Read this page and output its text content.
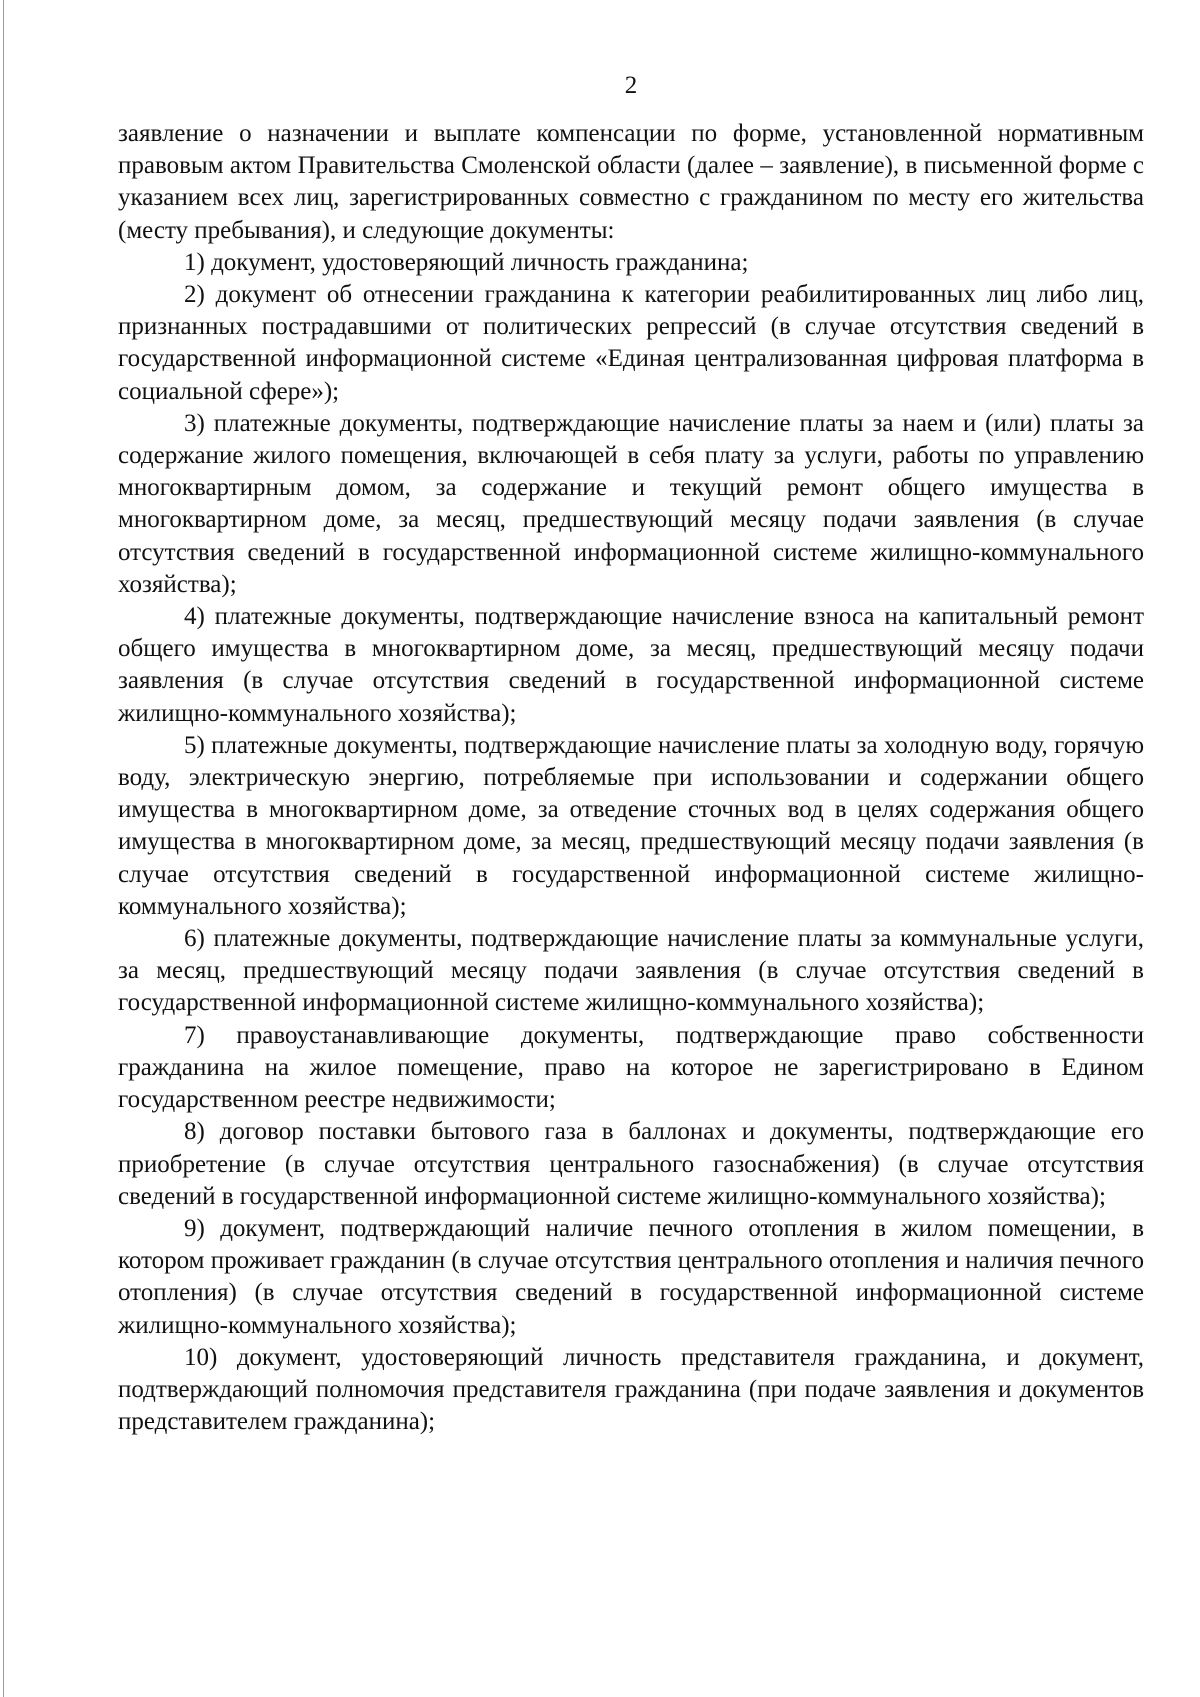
2

заявление о назначении и выплате компенсации по форме, установленной нормативным правовым актом Правительства Смоленской области (далее – заявление), в письменной форме с указанием всех лиц, зарегистрированных совместно с гражданином по месту его жительства (месту пребывания), и следующие документы:

1) документ, удостоверяющий личность гражданина;

2) документ об отнесении гражданина к категории реабилитированных лиц либо лиц, признанных пострадавшими от политических репрессий (в случае отсутствия сведений в государственной информационной системе «Единая централизованная цифровая платформа в социальной сфере»);

3) платежные документы, подтверждающие начисление платы за наем и (или) платы за содержание жилого помещения, включающей в себя плату за услуги, работы по управлению многоквартирным домом, за содержание и текущий ремонт общего имущества в многоквартирном доме, за месяц, предшествующий месяцу подачи заявления (в случае отсутствия сведений в государственной информационной системе жилищно-коммунального хозяйства);

4) платежные документы, подтверждающие начисление взноса на капитальный ремонт общего имущества в многоквартирном доме, за месяц, предшествующий месяцу подачи заявления (в случае отсутствия сведений в государственной информационной системе жилищно-коммунального хозяйства);

5) платежные документы, подтверждающие начисление платы за холодную воду, горячую воду, электрическую энергию, потребляемые при использовании и содержании общего имущества в многоквартирном доме, за отведение сточных вод в целях содержания общего имущества в многоквартирном доме, за месяц, предшествующий месяцу подачи заявления (в случае отсутствия сведений в государственной информационной системе жилищно-коммунального хозяйства);

6) платежные документы, подтверждающие начисление платы за коммунальные услуги, за месяц, предшествующий месяцу подачи заявления (в случае отсутствия сведений в государственной информационной системе жилищно-коммунального хозяйства);

7) правоустанавливающие документы, подтверждающие право собственности гражданина на жилое помещение, право на которое не зарегистрировано в Едином государственном реестре недвижимости;

8) договор поставки бытового газа в баллонах и документы, подтверждающие его приобретение (в случае отсутствия центрального газоснабжения) (в случае отсутствия сведений в государственной информационной системе жилищно-коммунального хозяйства);

9) документ, подтверждающий наличие печного отопления в жилом помещении, в котором проживает гражданин (в случае отсутствия центрального отопления и наличия печного отопления) (в случае отсутствия сведений в государственной информационной системе жилищно-коммунального хозяйства);

10) документ, удостоверяющий личность представителя гражданина, и документ, подтверждающий полномочия представителя гражданина (при подаче заявления и документов представителем гражданина);
